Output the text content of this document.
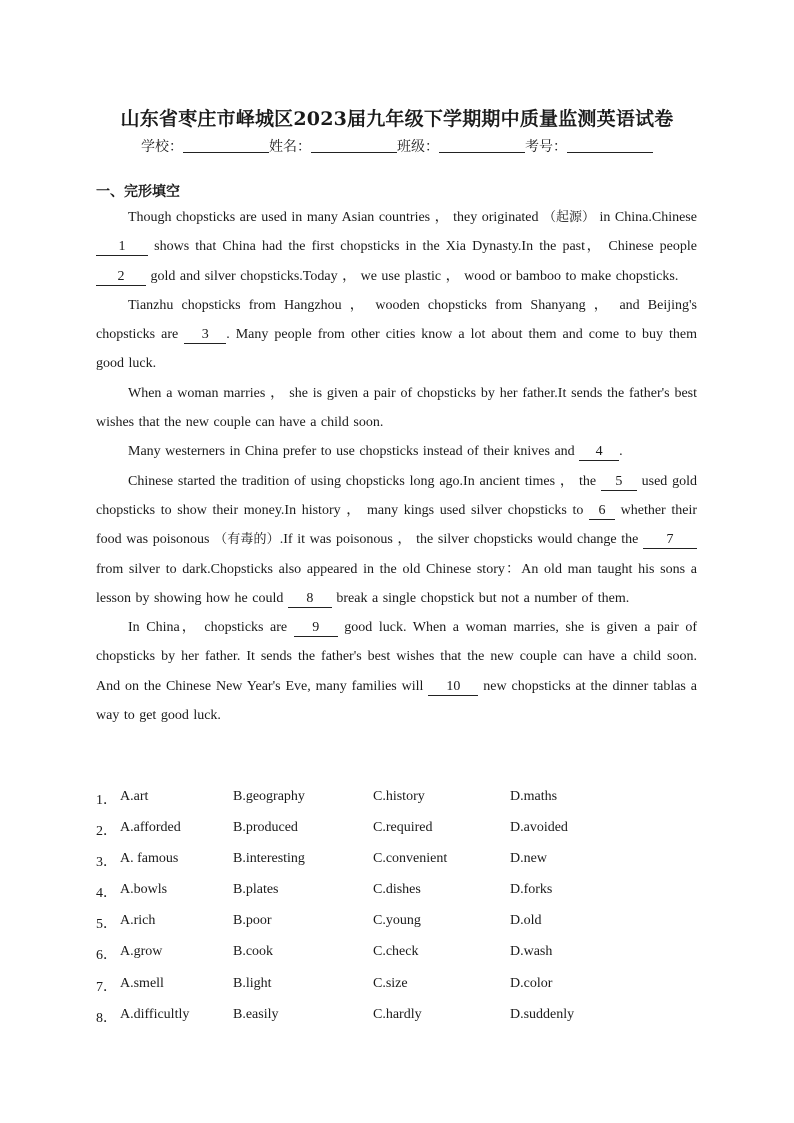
山东省枣庄市峄城区2023届九年级下学期期中质量监测英语试卷
学校：	姓名：	班级：	考号：
一、完形填空

Though chopsticks are used in many Asian countries ， they originated （起源） in China.Chinese 1 shows that China had the first chopsticks in the Xia Dynasty.In the past， Chinese people 2 gold and silver chopsticks.Today ， we use plastic ， wood or bamboo to make chopsticks.

Tianzhu chopsticks from Hangzhou ， wooden chopsticks from Shanyang ， and Beijing's chopsticks are 3 . Many people from other cities know a lot about them and come to buy them good luck.

When a woman marries ， she is given a pair of chopsticks by her father.It sends the father's best wishes that the new couple can have a child soon.

Many westerners in China prefer to use chopsticks instead of their knives and 4 .

Chinese started the tradition of using chopsticks long ago.In ancient times ， the 5 used gold chopsticks to show their money.In history ， many kings used silver chopsticks to 6 whether their food was poisonous （有毒的）.If it was poisonous ， the silver chopsticks would change the 7 from silver to dark.Chopsticks also appeared in the old Chinese story：An old man taught his sons a lesson by showing how he could 8 break a single chopstick but not a number of them.

In China， chopsticks are 9 good luck. When a woman marries, she is given a pair of chopsticks by her father. It sends the father's best wishes that the new couple can have a child soon. And on the Chinese New Year's Eve, many families will 10 new chopsticks at the dinner tablas a way to get good luck.

1． A.art	B.geography	C.history	D.maths
2． A.afforded	B.produced	C.required	D.avoided
3． A. famous	B.interesting	C.convenient	D.new
4． A.bowls	B.plates	C.dishes	D.forks
5． A.rich	B.poor	C.young	D.old
6． A.grow	B.cook	C.check	D.wash
7． A.smell	B.light	C.size	D.color
8． A.difficultly	B.easily	C.hardly	D.suddenly
